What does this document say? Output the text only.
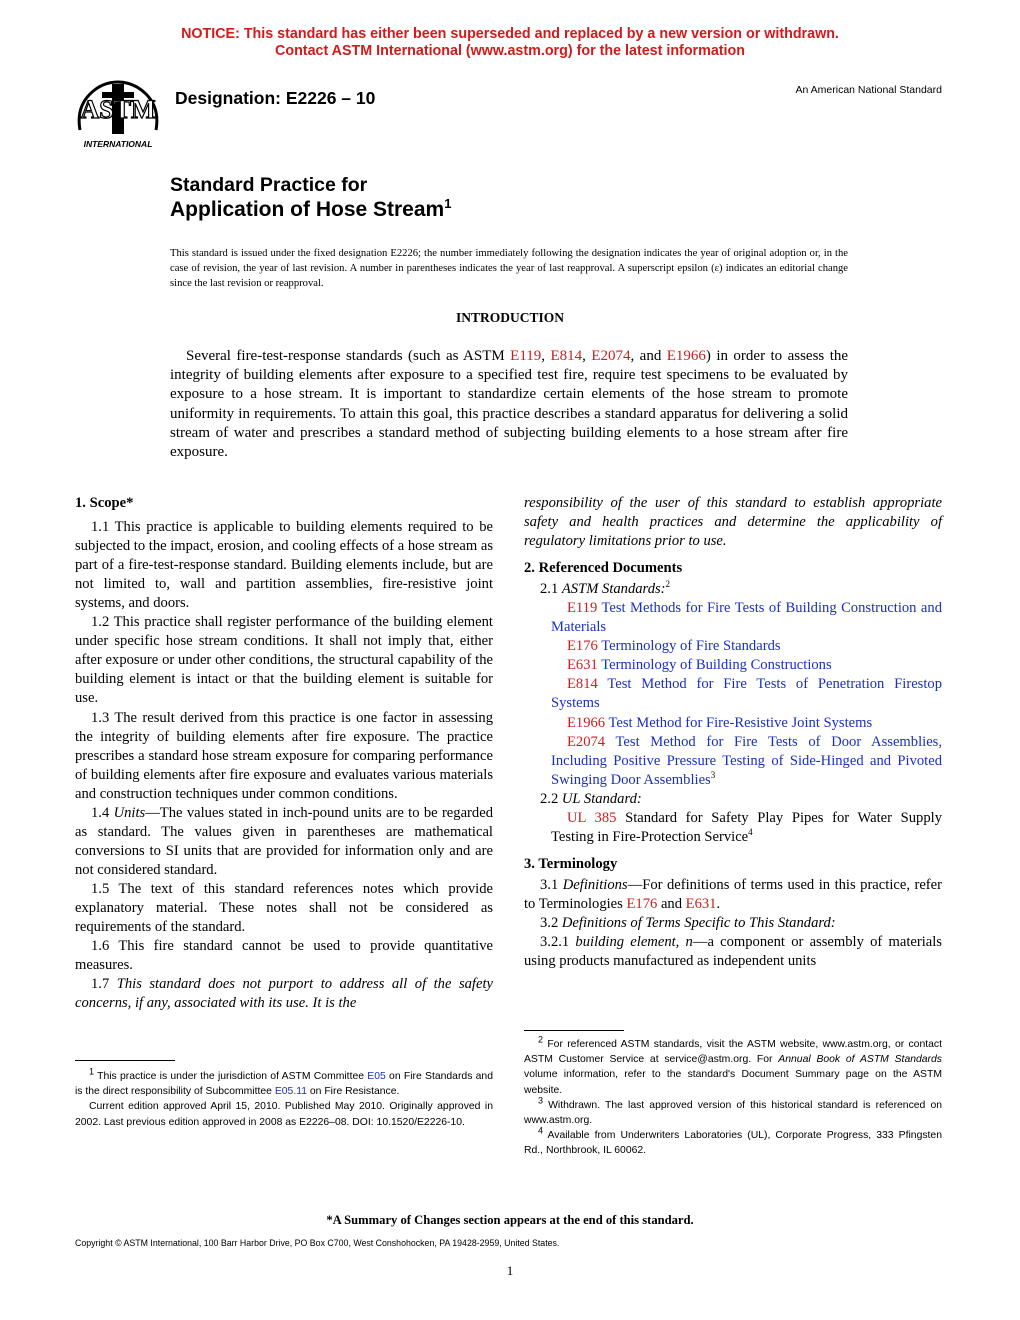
NOTICE: This standard has either been superseded and replaced by a new version or withdrawn.
Contact ASTM International (www.astm.org) for the latest information
ASTM
INTERNATIONAL
Designation: E2226 – 10	An American National Standard
Standard Practice for
Application of Hose Stream$^1$
This standard is issued under the fixed designation E2226; the number immediately following the designation indicates the year of original adoption or, in the case of revision, the year of last revision. A number in parentheses indicates the year of last reapproval. A superscript epsilon (ε) indicates an editorial change since the last revision or reapproval.
INTRODUCTION
Several fire-test-response standards (such as ASTM E119, E814, E2074, and E1966) in order to assess the integrity of building elements after exposure to a specified test fire, require test specimens to be evaluated by exposure to a hose stream. It is important to standardize certain elements of the hose stream to promote uniformity in requirements. To attain this goal, this practice describes a standard apparatus for delivering a solid stream of water and prescribes a standard method of subjecting building elements to a hose stream after fire exposure.
1. Scope*

1.1 This practice is applicable to building elements required to be subjected to the impact, erosion, and cooling effects of a hose stream as part of a fire-test-response standard. Building elements include, but are not limited to, wall and partition assemblies, fire-resistive joint systems, and doors.

1.2 This practice shall register performance of the building element under specific hose stream conditions. It shall not imply that, either after exposure or under other conditions, the structural capability of the building element is intact or that the building element is suitable for use.

1.3 The result derived from this practice is one factor in assessing the integrity of building elements after fire exposure. The practice prescribes a standard hose stream exposure for comparing performance of building elements after fire exposure and evaluates various materials and construction techniques under common conditions.

1.4 Units—The values stated in inch-pound units are to be regarded as standard. The values given in parentheses are mathematical conversions to SI units that are provided for information only and are not considered standard.

1.5 The text of this standard references notes which provide explanatory material. These notes shall not be considered as requirements of the standard.

1.6 This fire standard cannot be used to provide quantitative measures.

1.7 This standard does not purport to address all of the safety concerns, if any, associated with its use. It is the

$^1$ This practice is under the jurisdiction of ASTM Committee E05 on Fire Standards and is the direct responsibility of Subcommittee E05.11 on Fire Resistance.

Current edition approved April 15, 2010. Published May 2010. Originally approved in 2002. Last previous edition approved in 2008 as E2226–08. DOI: 10.1520/E2226-10.

responsibility of the user of this standard to establish appropriate safety and health practices and determine the applicability of regulatory limitations prior to use.

2. Referenced Documents

2.1 ASTM Standards:$^2$

E119 Test Methods for Fire Tests of Building Construction and Materials

E176 Terminology of Fire Standards

E631 Terminology of Building Constructions

E814 Test Method for Fire Tests of Penetration Firestop Systems

E1966 Test Method for Fire-Resistive Joint Systems

E2074 Test Method for Fire Tests of Door Assemblies, Including Positive Pressure Testing of Side-Hinged and Pivoted Swinging Door Assemblies$^3$

2.2 UL Standard:

UL 385 Standard for Safety Play Pipes for Water Supply Testing in Fire-Protection Service$^4$

3. Terminology

3.1 Definitions—For definitions of terms used in this practice, refer to Terminologies E176 and E631.

3.2 Definitions of Terms Specific to This Standard:

3.2.1 building element, n—a component or assembly of materials using products manufactured as independent units

$^2$ For referenced ASTM standards, visit the ASTM website, www.astm.org, or contact ASTM Customer Service at service@astm.org. For Annual Book of ASTM Standards volume information, refer to the standard's Document Summary page on the ASTM website.

$^3$ Withdrawn. The last approved version of this historical standard is referenced on www.astm.org.

$^4$ Available from Underwriters Laboratories (UL), Corporate Progress, 333 Pfingsten Rd., Northbrook, IL 60062.

*A Summary of Changes section appears at the end of this standard.
Copyright © ASTM International, 100 Barr Harbor Drive, PO Box C700, West Conshohocken, PA 19428-2959, United States.
1
